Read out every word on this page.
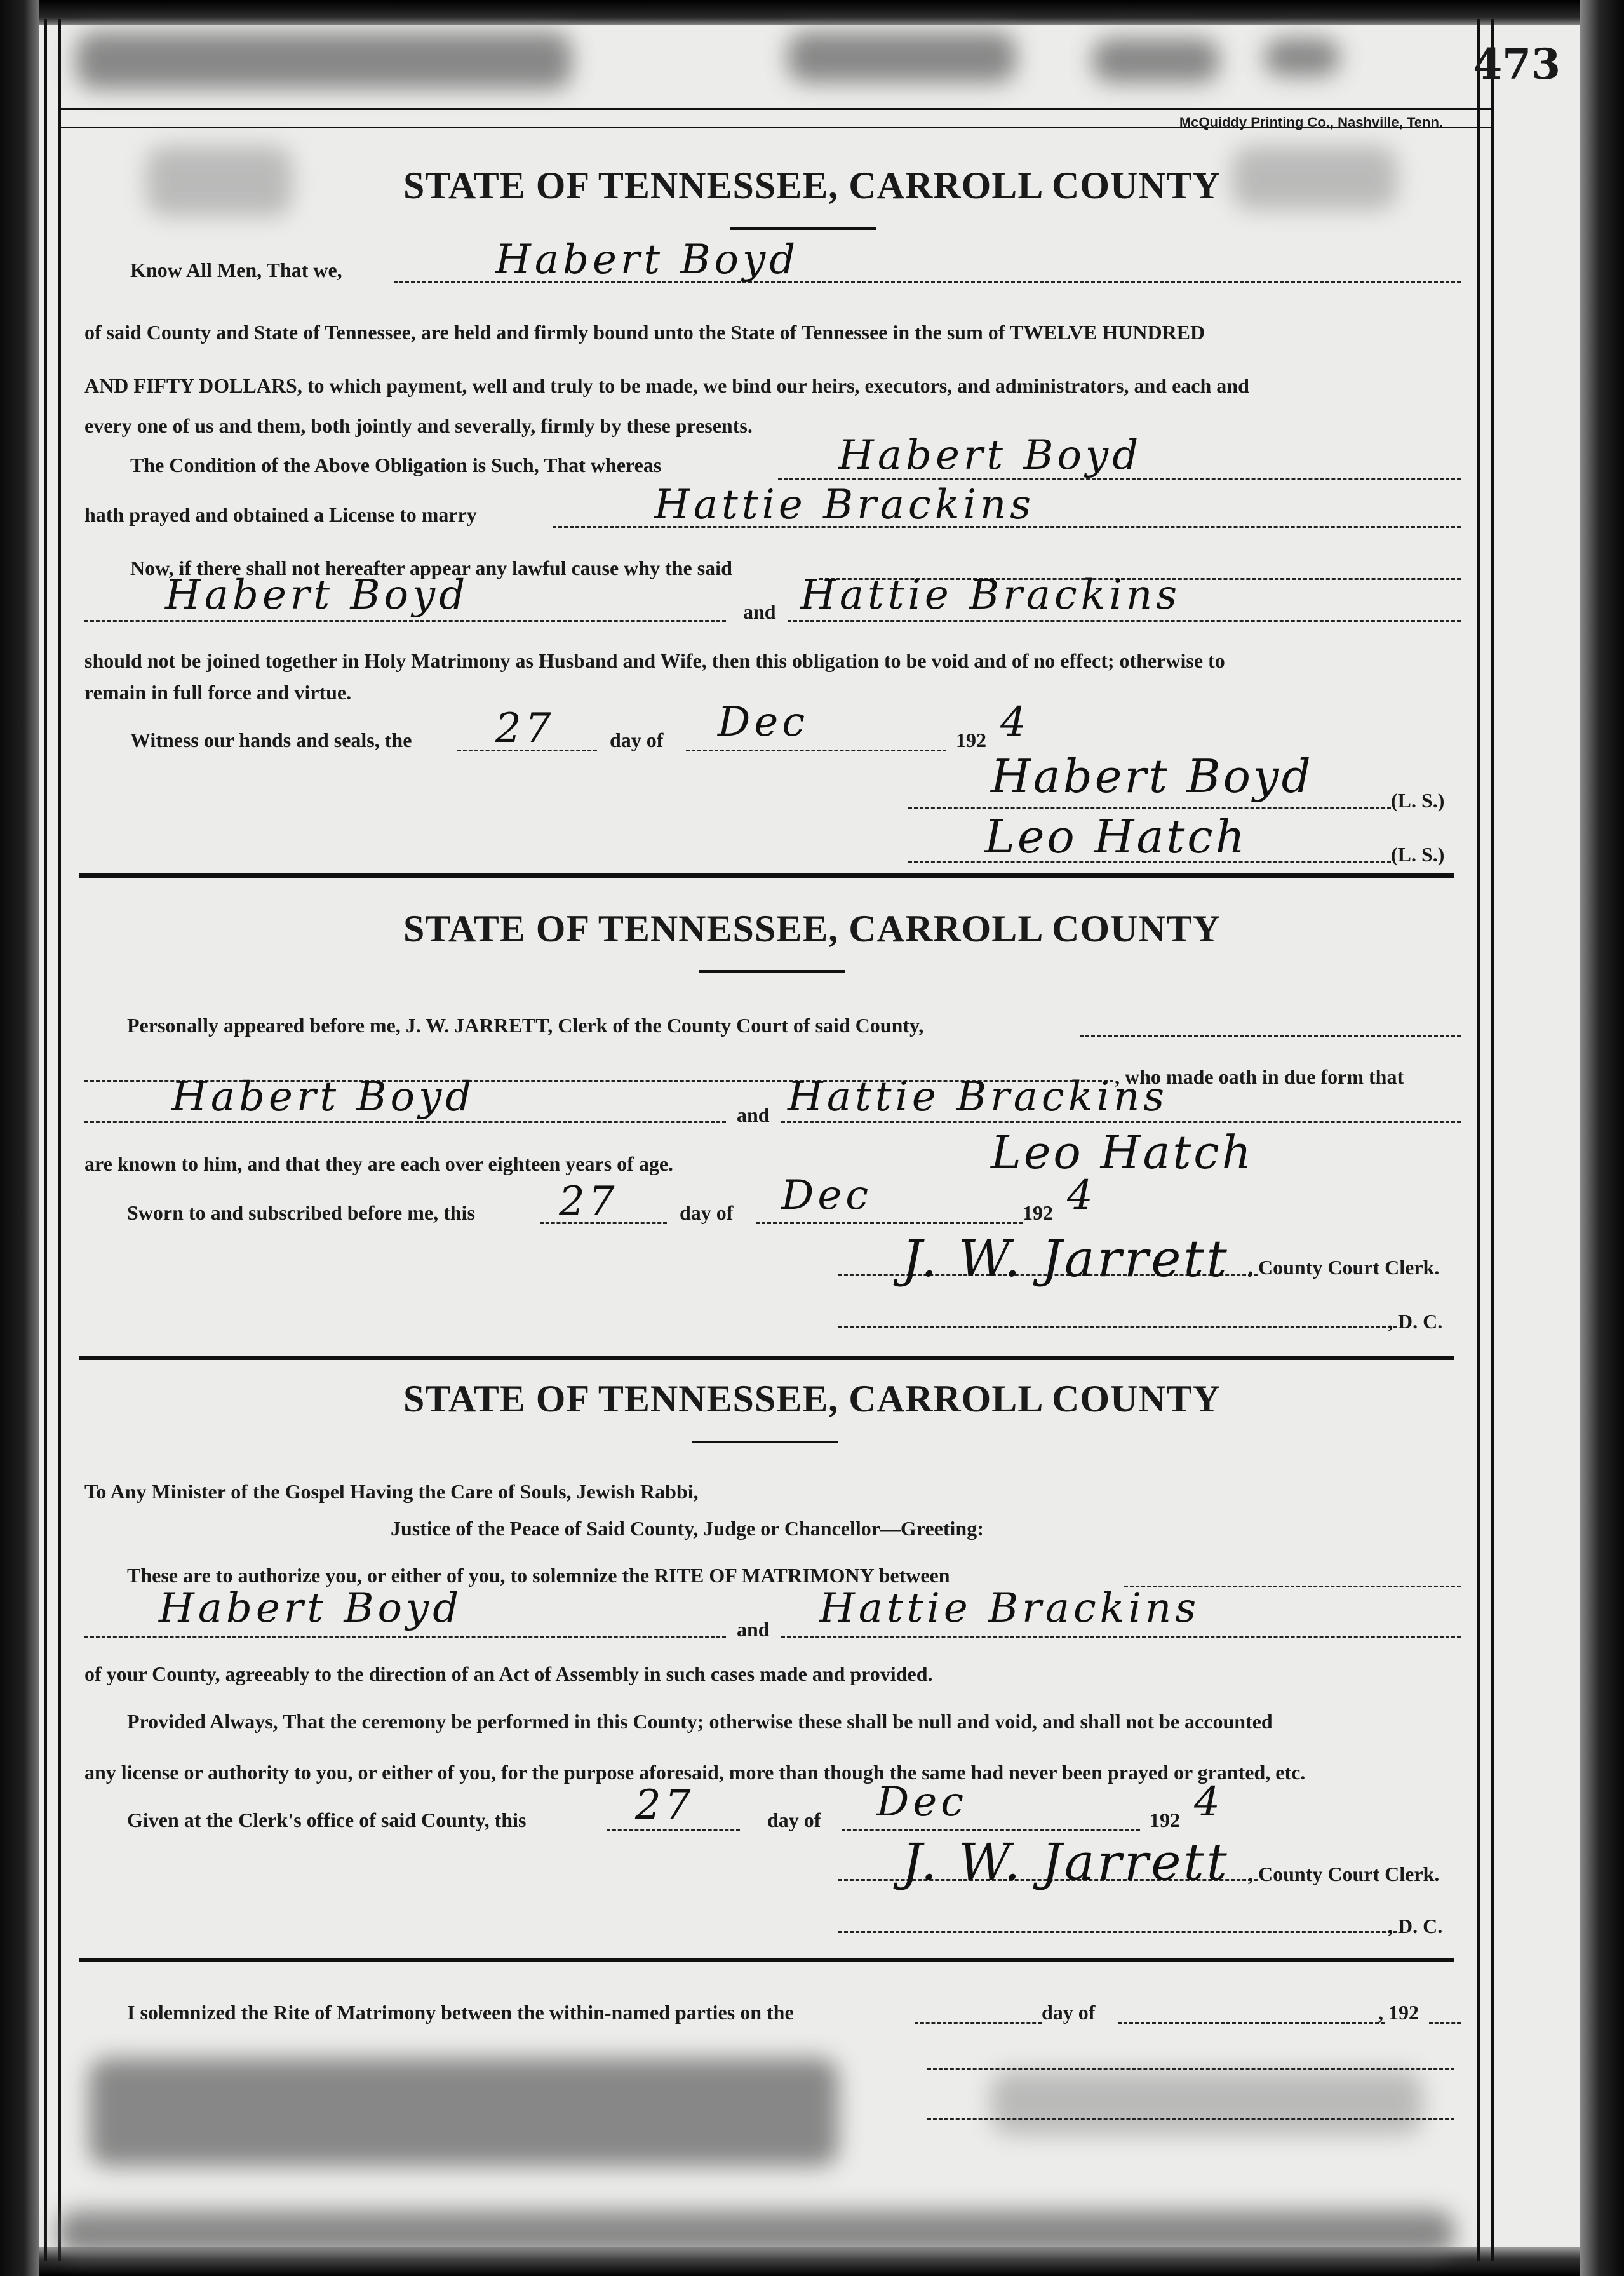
473
McQuiddy Printing Co., Nashville, Tenn.
STATE OF TENNESSEE, CARROLL COUNTY
Know All Men, That we,	Habert Boyd
of said County and State of Tennessee, are held and firmly bound unto the State of Tennessee in the sum of TWELVE HUNDRED
AND FIFTY DOLLARS, to which payment, well and truly to be made, we bind our heirs, executors, and administrators, and each and
every one of us and them, both jointly and severally, firmly by these presents.
The Condition of the Above Obligation is Such, That whereas	Habert Boyd
hath prayed and obtained a License to marry	Hattie Brackins
Now, if there shall not hereafter appear any lawful cause why the said
Habert Boyd	and Hattie Brackins
should not be joined together in Holy Matrimony as Husband and Wife, then this obligation to be void and of no effect; otherwise to
remain in full force and virtue.
Witness our hands and seals, the 27	day of Dec	192 4
Habert Boyd	(L. S.)
Leo Hatch	(L. S.)
STATE OF TENNESSEE, CARROLL COUNTY
Personally appeared before me, J. W. JARRETT, Clerk of the County Court of said County,
, who made oath in due form that
Habert Boyd	and Hattie Brackins
are known to him, and that they are each over eighteen years of age.	Leo Hatch
Sworn to and subscribed before me, this 27	day of Dec	192 4
J. W. Jarrett , County Court Clerk.
, D. C.
STATE OF TENNESSEE, CARROLL COUNTY
To Any Minister of the Gospel Having the Care of Souls, Jewish Rabbi,
Justice of the Peace of Said County, Judge or Chancellor—Greeting:
These are to authorize you, or either of you, to solemnize the RITE OF MATRIMONY between
Habert Boyd	and Hattie Brackins
of your County, agreeably to the direction of an Act of Assembly in such cases made and provided.
Provided Always, That the ceremony be performed in this County; otherwise these shall be null and void, and shall not be accounted
any license or authority to you, or either of you, for the purpose aforesaid, more than though the same had never been prayed or granted, etc.
Given at the Clerk's office of said County, this	27	day of Dec	192 4
J. W. Jarrett , County Court Clerk.
, D. C.
I solemnized the Rite of Matrimony between the within-named parties on the	day of	, 192
